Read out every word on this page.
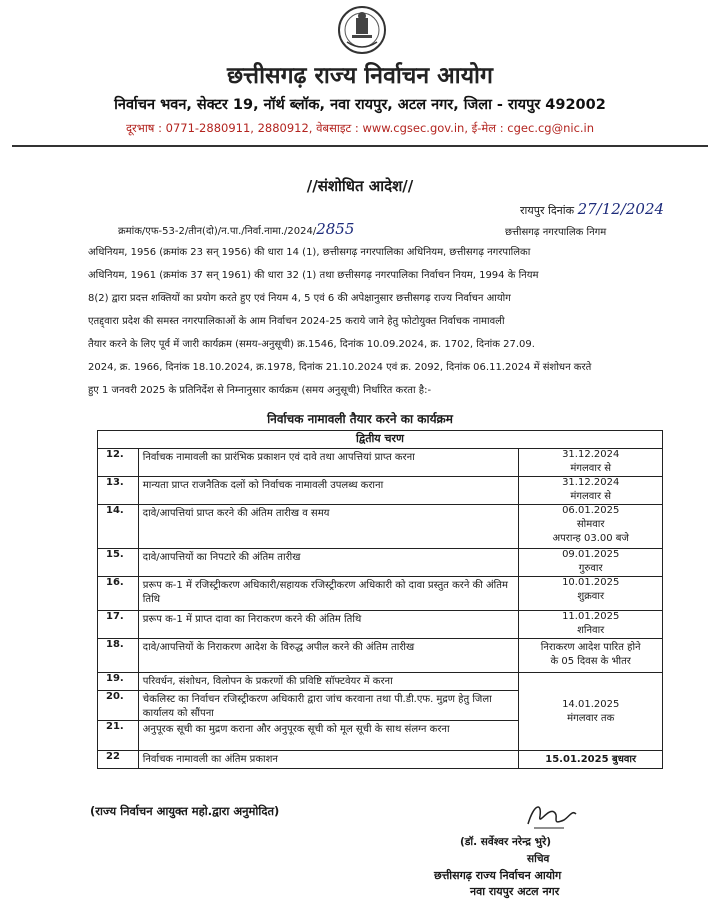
छत्तीसगढ़ राज्य निर्वाचन आयोग
निर्वाचन भवन, सेक्टर 19, नॉर्थ ब्लॉक, नवा रायपुर, अटल नगर, जिला - रायपुर 492002
दूरभाष : 0771-2880911, 2880912, वेबसाइट : www.cgsec.gov.in, ई-मेल : cgec.cg@nic.in
//संशोधित आदेश//
रायपुर दिनांक 27/12/2024
क्रमांक/एफ-53-2/तीन(दो)/न.पा./निर्वा.नामा./2024/2855	छत्तीसगढ़ नगरपालिक निगम
अधिनियम, 1956 (क्रमांक 23 सन् 1956) की धारा 14 (1), छत्तीसगढ़ नगरपालिका अधिनियम, छत्तीसगढ़ नगरपालिका
अधिनियम, 1961 (क्रमांक 37 सन् 1961) की धारा 32 (1) तथा छत्तीसगढ़ नगरपालिका निर्वाचन नियम, 1994 के नियम
8(2) द्वारा प्रदत्त शक्तियों का प्रयोग करते हुए एवं नियम 4, 5 एवं 6 की अपेक्षानुसार छत्तीसगढ़ राज्य निर्वाचन आयोग
एतद्द्वारा प्रदेश की समस्त नगरपालिकाओं के आम निर्वाचन 2024-25 कराये जाने हेतु फोटोयुक्त निर्वाचक नामावली
तैयार करने के लिए पूर्व में जारी कार्यक्रम (समय-अनुसूची) क्र.1546, दिनांक 10.09.2024, क्र. 1702, दिनांक 27.09.
2024, क्र. 1966, दिनांक 18.10.2024, क्र.1978, दिनांक 21.10.2024 एवं क्र. 2092, दिनांक 06.11.2024 में संशोधन करते
हुए 1 जनवरी 2025 के प्रतिनिर्देश से निम्नानुसार कार्यक्रम (समय अनुसूची) निर्धारित करता है:-
निर्वाचक नामावली तैयार करने का कार्यक्रम
द्वितीय चरण		
12.	निर्वाचक नामावली का प्रारंभिक प्रकाशन एवं दावे तथा आपत्तियां प्राप्त करना	31.12.2024
मंगलवार से

13.	मान्यता प्राप्त राजनैतिक दलों को निर्वाचक नामावली उपलब्ध कराना	31.12.2024
मंगलवार से

14.	दावे/आपत्तियां प्राप्त करने की अंतिम तारीख व समय	06.01.2025
सोमवार
अपरान्ह 03.00 बजे

15.	दावे/आपत्तियों का निपटारे की अंतिम तारीख	09.01.2025
गुरुवार

16.	प्ररूप क-1 में रजिस्ट्रीकरण अधिकारी/सहायक रजिस्ट्रीकरण अधिकारी को दावा प्रस्तुत करने की अंतिम तिथि	10.01.2025
शुक्रवार

17.	प्ररूप क-1 में प्राप्त दावा का निराकरण करने की अंतिम तिथि	11.01.2025
शनिवार

18.	दावे/आपत्तियों के निराकरण आदेश के विरुद्ध अपील करने की अंतिम तारीख	निराकरण आदेश पारित होने
के 05 दिवस के भीतर

19.	परिवर्धन, संशोधन, विलोपन के प्रकरणों की प्रविष्टि सॉफ्टवेयर में करना	14.01.2025
मंगलवार तक

20.	चेकलिस्ट का निर्वाचन रजिस्ट्रीकरण अधिकारी द्वारा जांच करवाना तथा पी.डी.एफ. मुद्रण हेतु जिला कार्यालय को सौंपना	
21.	अनुपूरक सूची का मुद्रण कराना और अनुपूरक सूची को मूल सूची के साथ संलग्न करना	
22	निर्वाचक नामावली का अंतिम प्रकाशन	15.01.2025 बुधवार
(राज्य निर्वाचन आयुक्त महो.द्वारा अनुमोदित)
(डॉ. सर्वेश्वर नरेन्द्र भुरे)
सचिव
छत्तीसगढ़ राज्य निर्वाचन आयोग
नवा रायपुर अटल नगर
